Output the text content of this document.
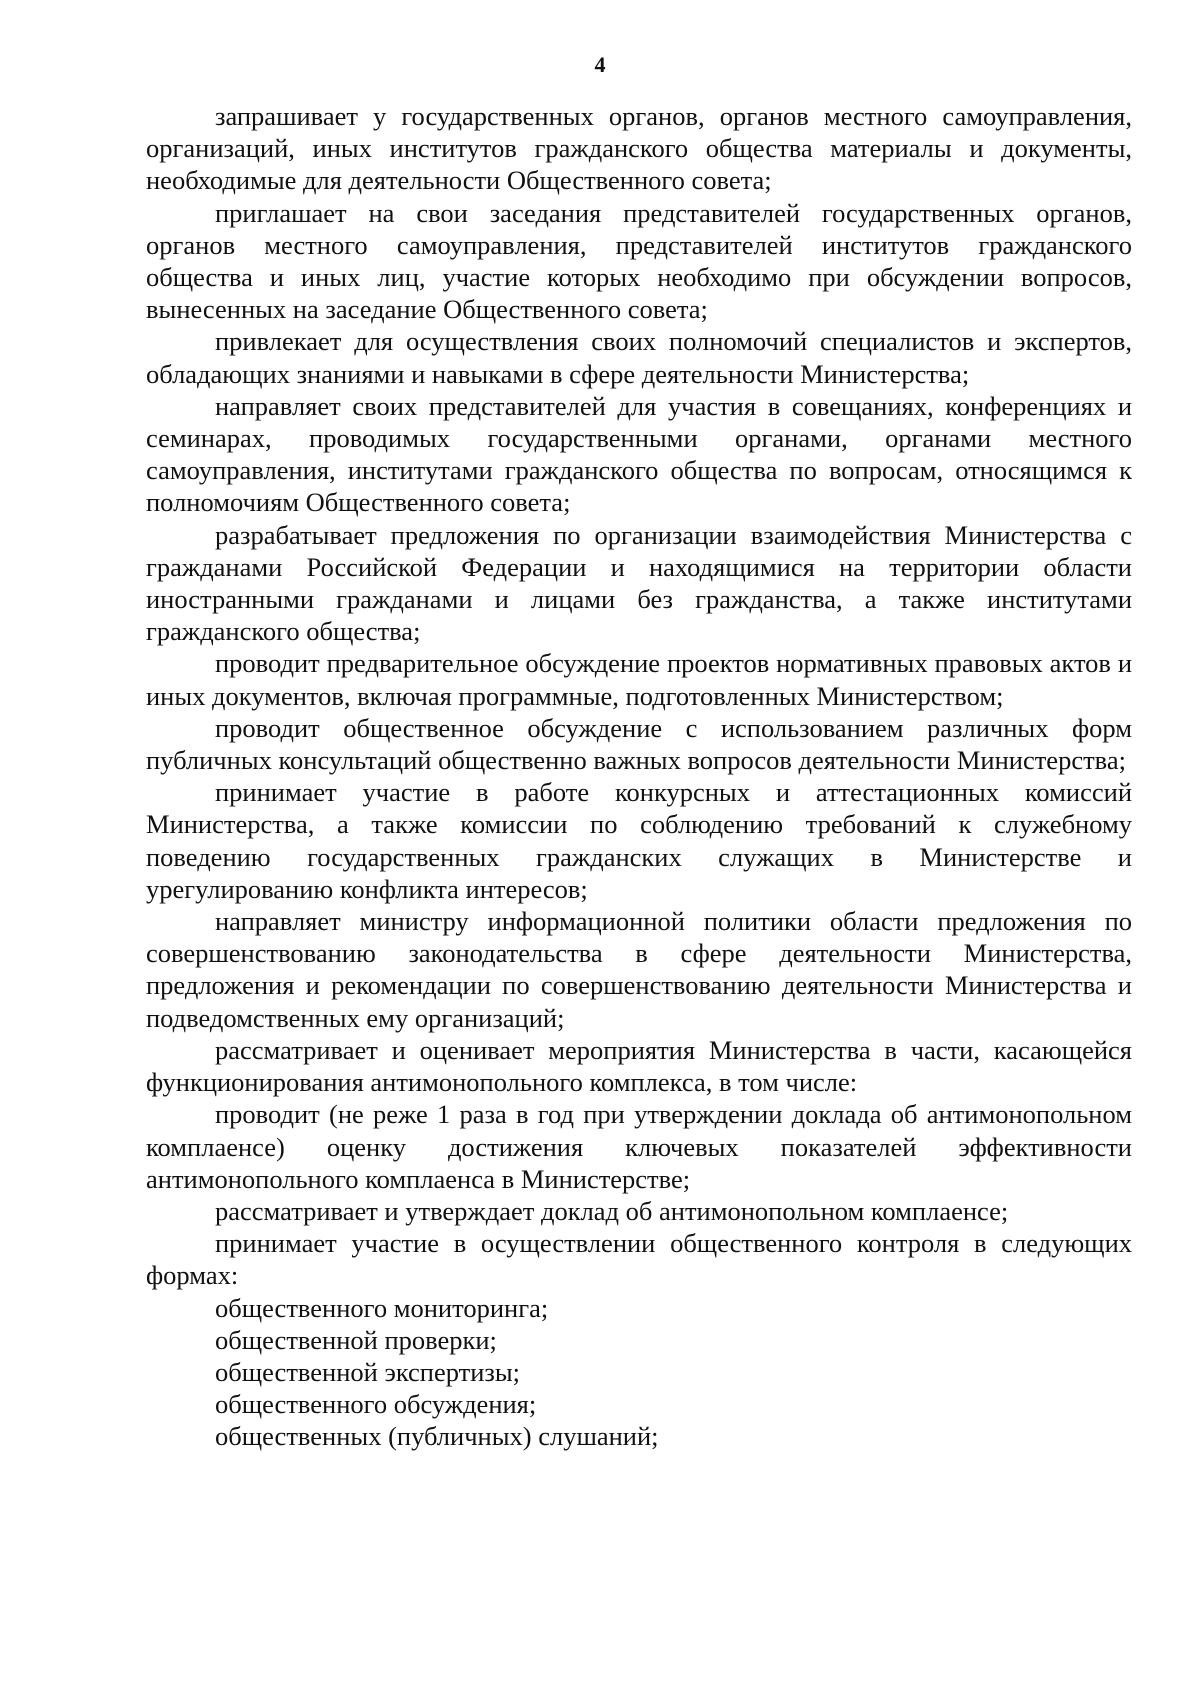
4

запрашивает у государственных органов, органов местного самоуправления, организаций, иных институтов гражданского общества материалы и документы, необходимые для деятельности Общественного совета;

приглашает на свои заседания представителей государственных органов, органов местного самоуправления, представителей институтов гражданского общества и иных лиц, участие которых необходимо при обсуждении вопросов, вынесенных на заседание Общественного совета;

привлекает для осуществления своих полномочий специалистов и экспертов, обладающих знаниями и навыками в сфере деятельности Министерства;

направляет своих представителей для участия в совещаниях, конференциях и семинарах, проводимых государственными органами, органами местного самоуправления, институтами гражданского общества по вопросам, относящимся к полномочиям Общественного совета;

разрабатывает предложения по организации взаимодействия Министерства с гражданами Российской Федерации и находящимися на территории области иностранными гражданами и лицами без гражданства, а также институтами гражданского общества;

проводит предварительное обсуждение проектов нормативных правовых актов и иных документов, включая программные, подготовленных Министерством;

проводит общественное обсуждение с использованием различных форм публичных консультаций общественно важных вопросов деятельности Министерства;

принимает участие в работе конкурсных и аттестационных комиссий Министерства, а также комиссии по соблюдению требований к служебному поведению государственных гражданских служащих в Министерстве и урегулированию конфликта интересов;

направляет министру информационной политики области предложения по совершенствованию законодательства в сфере деятельности Министерства, предложения и рекомендации по совершенствованию деятельности Министерства и подведомственных ему организаций;

рассматривает и оценивает мероприятия Министерства в части, касающейся функционирования антимонопольного комплекса, в том числе:

проводит (не реже 1 раза в год при утверждении доклада об антимонопольном комплаенсе) оценку достижения ключевых показателей эффективности антимонопольного комплаенса в Министерстве;

рассматривает и утверждает доклад об антимонопольном комплаенсе;

принимает участие в осуществлении общественного контроля в следующих формах:

общественного мониторинга;

общественной проверки;

общественной экспертизы;

общественного обсуждения;

общественных (публичных) слушаний;
